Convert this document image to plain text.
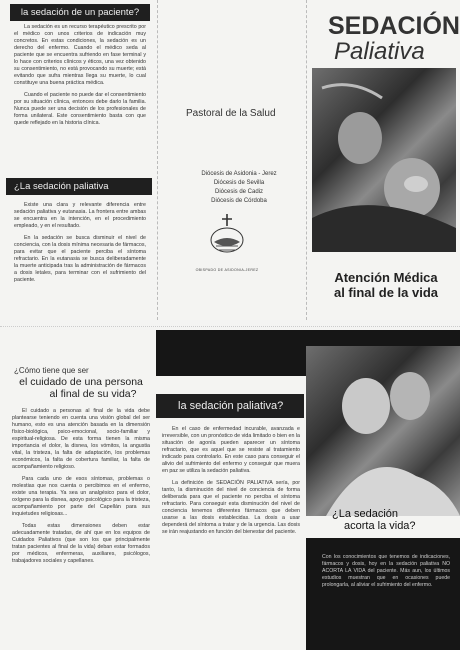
la sedación de un paciente?

La sedación es un recurso terapéutico prescrito por el médico con unos criterios de indicación muy concretos. En estas condiciones, la sedación es un derecho del enfermo. Cuando el médico seda al paciente que se encuentra sufriendo en fase terminal y lo hace con criterios clínicos y éticos, una vez obtenido su consentimiento, no está provocando su muerte; está evitando que sufra mientras llega su muerte, lo cual constituye una buena práctica médica.

Cuando el paciente no puede dar el consentimiento por su situación clínica, entonces debe darlo la familia. Nunca puede ser una decisión de los profesionales de forma unilateral. Este consentimiento basta con que quede reflejado en la historia clínica.

¿La sedación paliativa

Existe una clara y relevante diferencia entre sedación paliativa y eutanasia. La frontera entre ambas se encuentra en la intención, en el procedimiento empleado, y en el resultado.

En la sedación se busca disminuir el nivel de conciencia, con la dosis mínima necesaria de fármacos, para evitar que el paciente perciba el síntoma refractario. En la eutanasia se busca deliberadamente la muerte anticipada tras la administración de fármacos a dosis letales, para terminar con el sufrimiento del paciente.

Pastoral de la Salud
Diócesis de Asidonia - Jerez
Diócesis de Sevilla
Diócesis de Cadiz
Diócesis de Córdoba
OBISPADO DE ASIDONIA-JEREZ
SEDACIÓN
Paliativa
Atención Médica
al final de la vida
¿Cómo tiene que ser
el cuidado de una persona
al final de su vida?

El cuidado a personas al final de la vida debe plantearse teniendo en cuenta una visión global del ser humano, esto es una atención basada en la dimensión físico-biológica, psico-emocional, socio-familiar y espiritual-religiosa. De esta forma tienen la misma importancia el dolor, la disnea, los vómitos, la angustia vital, la tristeza, la falta de adaptación, los problemas económicos, la falta de cobertura familiar, la falta de acompañamiento religioso.

Para cada uno de esos síntomas, problemas o molestias que nos cuenta o percibimos en el enfermo, existe una terapia. Ya sea un analgésico para el dolor, oxígeno para la disnea, apoyo psicológico para la tristeza, acompañamiento por parte del Capellán para sus inquietudes religiosas...

Todas estas dimensiones deben estar adecuadamente tratadas, de ahí que en los equipos de Cuidados Paliativos (que son los que principalmente tratan pacientes al final de la vida) deban estar formados por médicos, enfermeras, auxiliares, psicólogos, trabajadores sociales y capellanes.

la sedación paliativa?

En el caso de enfermedad incurable, avanzada e irreversible, con un pronóstico de vida limitado o bien en la situación de agonía pueden aparecer un síntoma refractario, que es aquel que se resiste al tratamiento indicado para controlarlo. En este caso para conseguir el alivio del sufrimiento del enfermo y conseguir que muera en paz se utiliza la sedación paliativa.

La definición de SEDACIÓN PALIATIVA sería, por tanto, la disminución del nivel de conciencia de forma deliberada para que el paciente no perciba el síntoma refractario. Para conseguir esta disminución del nivel de conciencia tenemos diferentes fármacos que deben usarse a las dosis establecidas. La dosis a usar dependerá del síntoma a tratar y de la urgencia. Las dosis se irán reajustando en función del bienestar del paciente.

¿La sedación
acorta la vida?
Con los conocimientos que tenemos de indicaciones, fármacos y dosis, hoy en la sedación paliativa NO ACORTA LA VIDA del paciente. Más aun, los últimos estudios muestran que en ocasiones puede prolongarla, al aliviar el sufrimiento del enfermo.
